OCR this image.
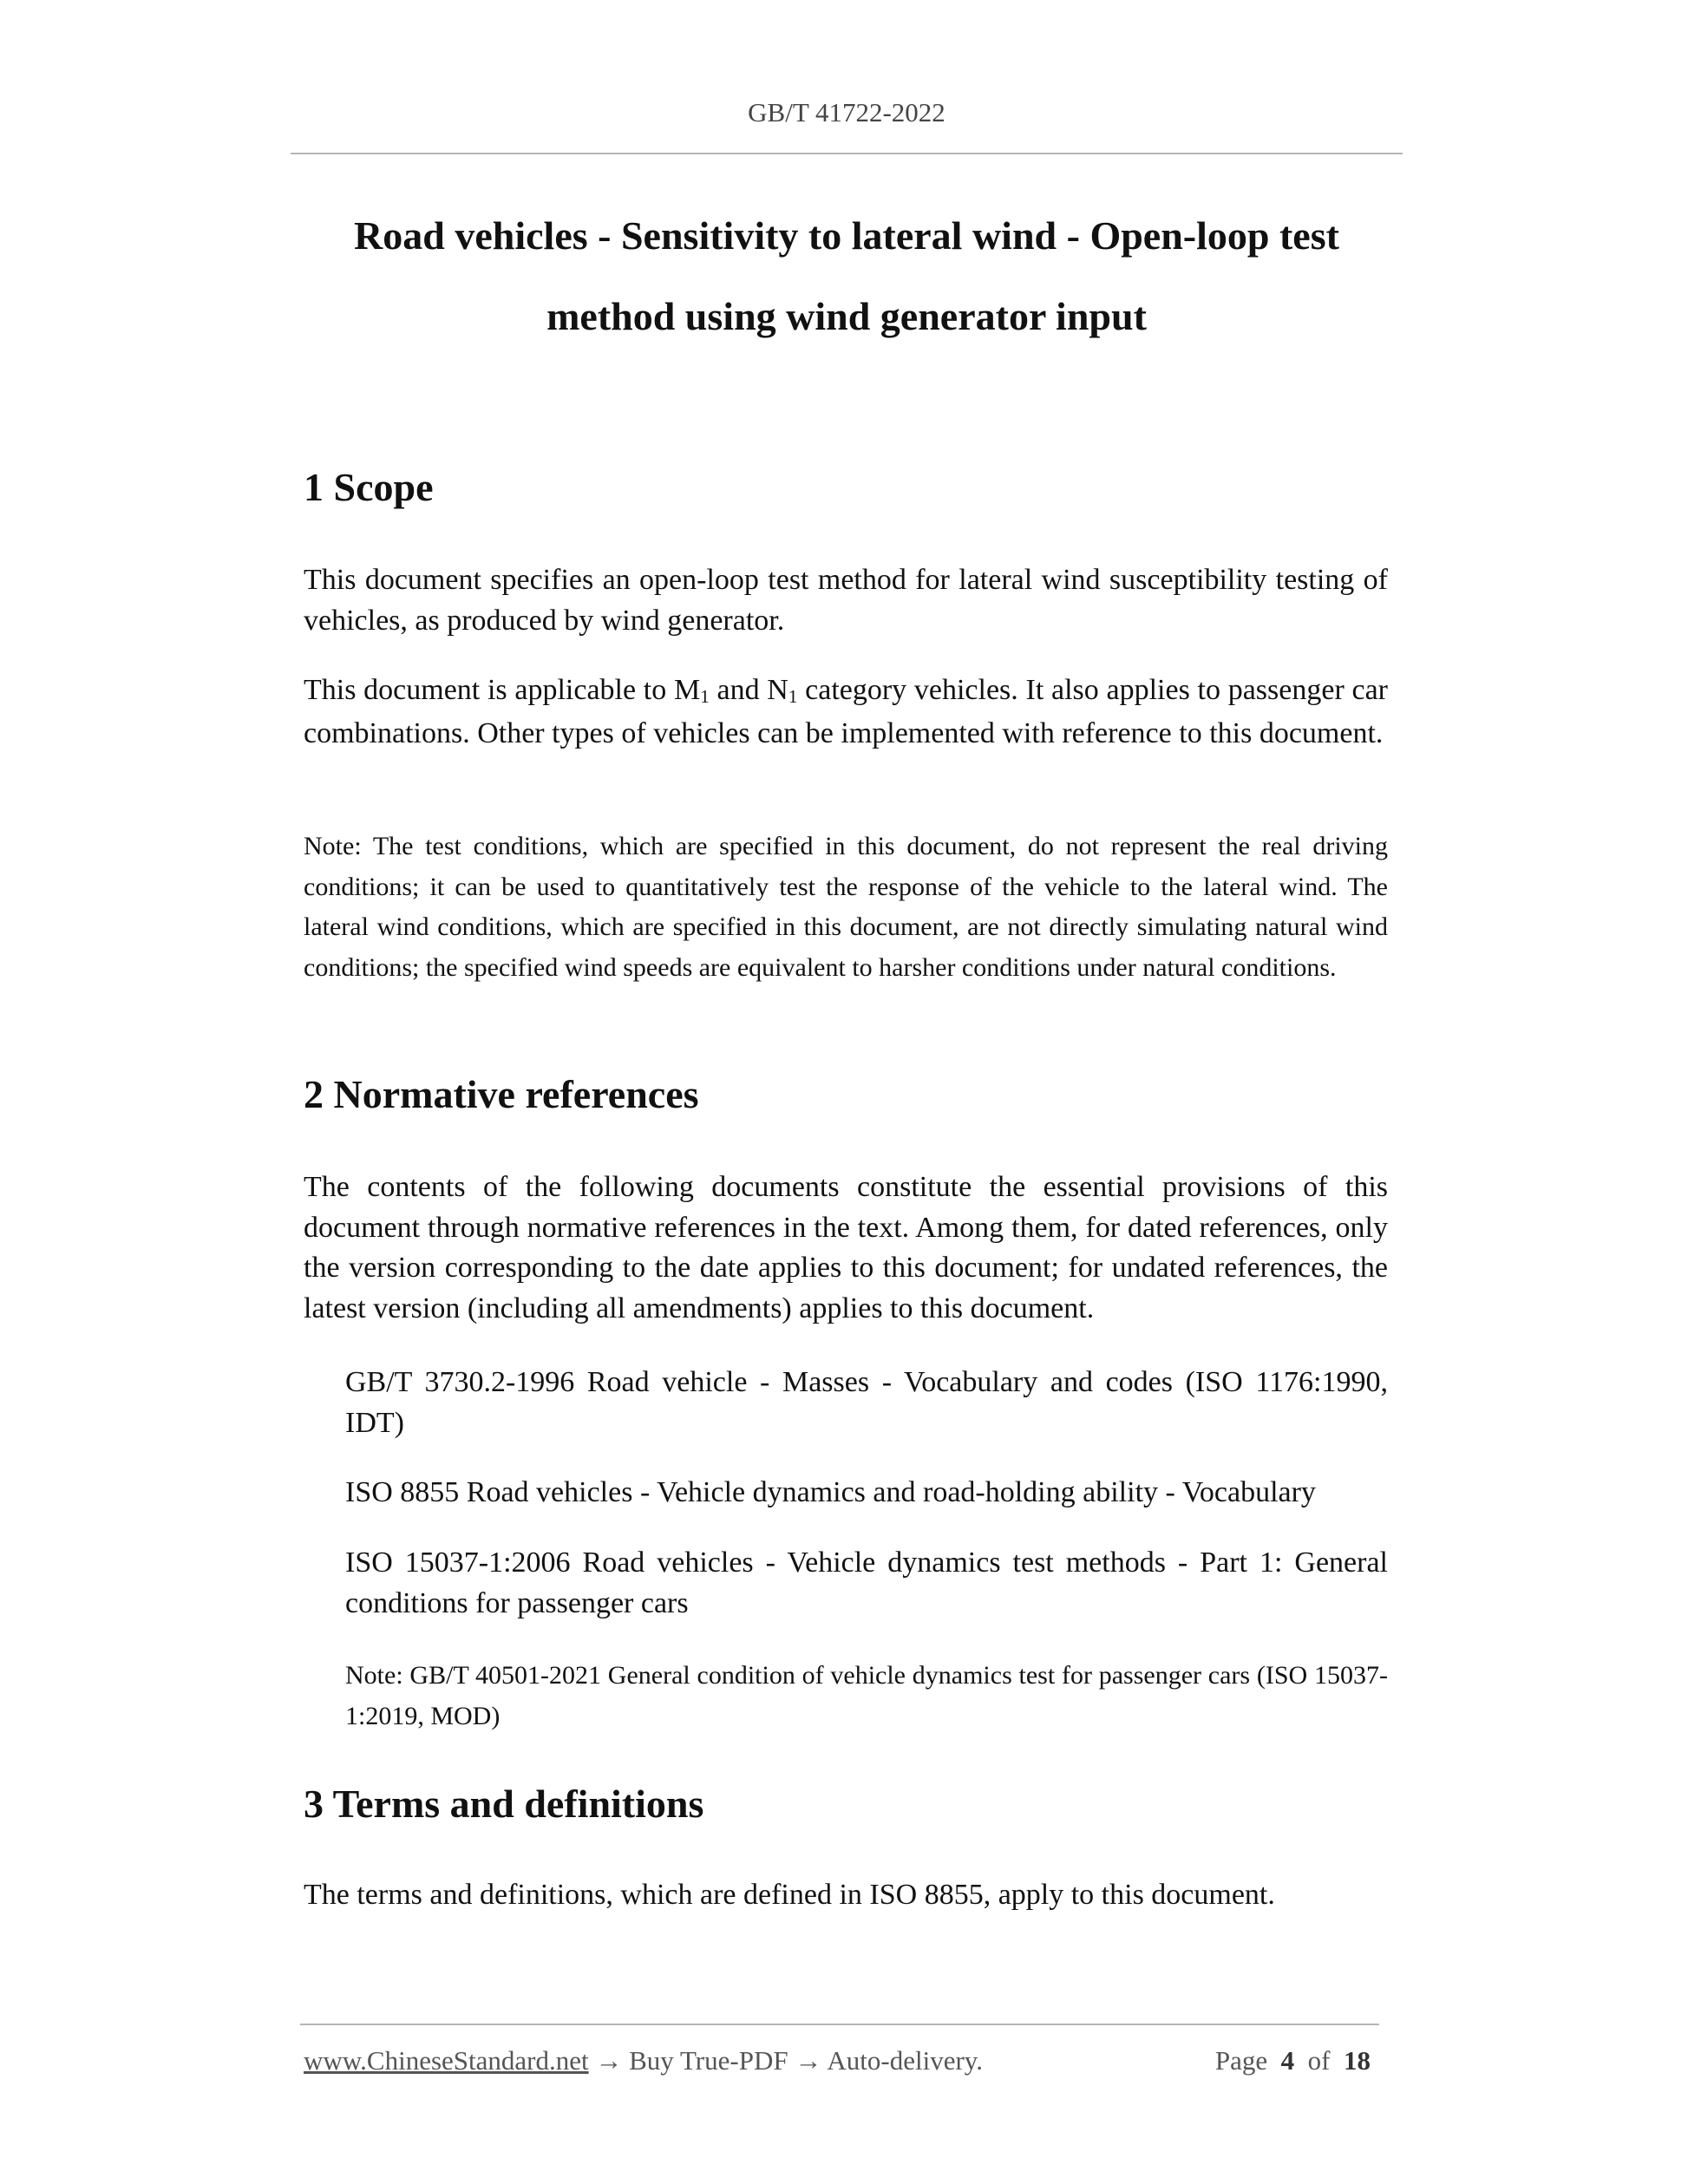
GB/T 41722-2022
Road vehicles - Sensitivity to lateral wind - Open-loop test
method using wind generator input
1 Scope

This document specifies an open-loop test method for lateral wind susceptibility testing of vehicles, as produced by wind generator.

This document is applicable to $M_1$ and $N_1$ category vehicles. It also applies to passenger car combinations. Other types of vehicles can be implemented with reference to this document.

Note: The test conditions, which are specified in this document, do not represent the real driving conditions; it can be used to quantitatively test the response of the vehicle to the lateral wind. The lateral wind conditions, which are specified in this document, are not directly simulating natural wind conditions; the specified wind speeds are equivalent to harsher conditions under natural conditions.

2 Normative references

The contents of the following documents constitute the essential provisions of this document through normative references in the text. Among them, for dated references, only the version corresponding to the date applies to this document; for undated references, the latest version (including all amendments) applies to this document.

GB/T 3730.2-1996 Road vehicle - Masses - Vocabulary and codes (ISO 1176:1990, IDT)

ISO 8855 Road vehicles - Vehicle dynamics and road-holding ability - Vocabulary

ISO 15037-1:2006 Road vehicles - Vehicle dynamics test methods - Part 1: General conditions for passenger cars

Note: GB/T 40501-2021 General condition of vehicle dynamics test for passenger cars (ISO 15037-1:2019, MOD)

3 Terms and definitions

The terms and definitions, which are defined in ISO 8855, apply to this document.

www.ChineseStandard.net → Buy True-PDF → Auto-delivery.	Page 4 of 18
